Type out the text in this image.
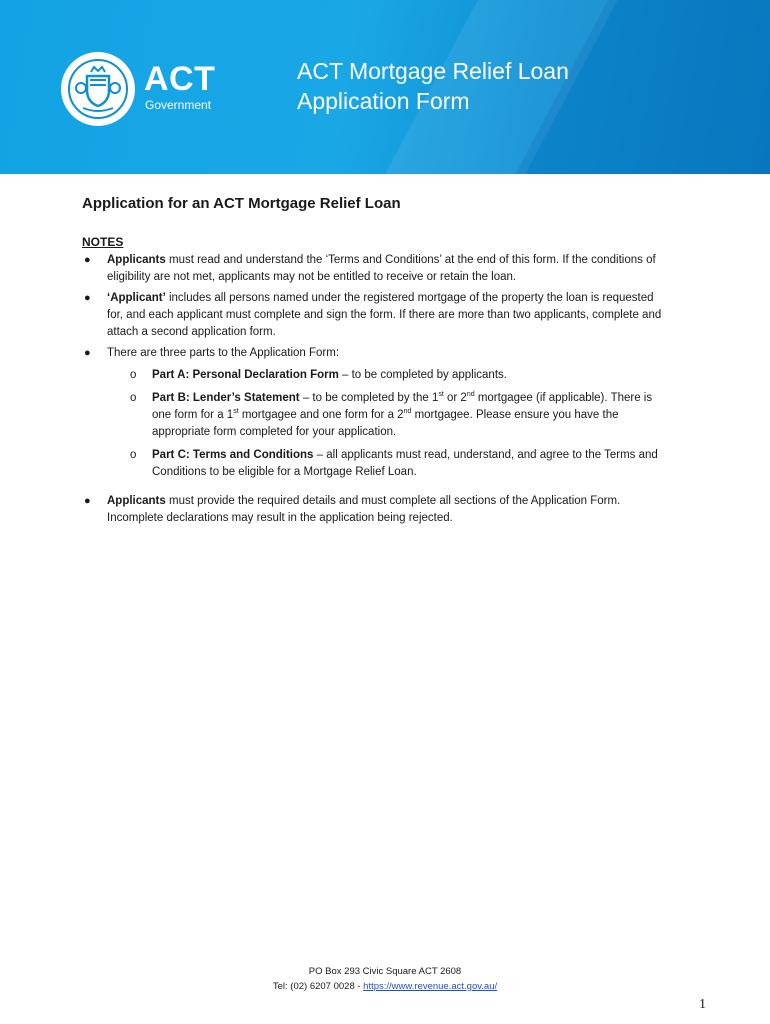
ACT
Government
ACT Mortgage Relief Loan
Application Form
Application for an ACT Mortgage Relief Loan
NOTES
● Applicants must read and understand the ‘Terms and Conditions’ at the end of this form. If the conditions of eligibility are not met, applicants may not be entitled to receive or retain the loan.
● ‘Applicant’ includes all persons named under the registered mortgage of the property the loan is requested for, and each applicant must complete and sign the form. If there are more than two applicants, complete and attach a second application form.
● There are three parts to the Application Form:
o Part A: Personal Declaration Form – to be completed by applicants.
o Part B: Lender’s Statement – to be completed by the 1st or 2nd mortgagee (if applicable). There is one form for a 1st mortgagee and one form for a 2nd mortgagee. Please ensure you have the appropriate form completed for your application.
o Part C: Terms and Conditions – all applicants must read, understand, and agree to the Terms and Conditions to be eligible for a Mortgage Relief Loan.
● Applicants must provide the required details and must complete all sections of the Application Form. Incomplete declarations may result in the application being rejected.
PO Box 293 Civic Square ACT 2608
Tel: (02) 6207 0028 - https://www.revenue.act.gov.au/
1
